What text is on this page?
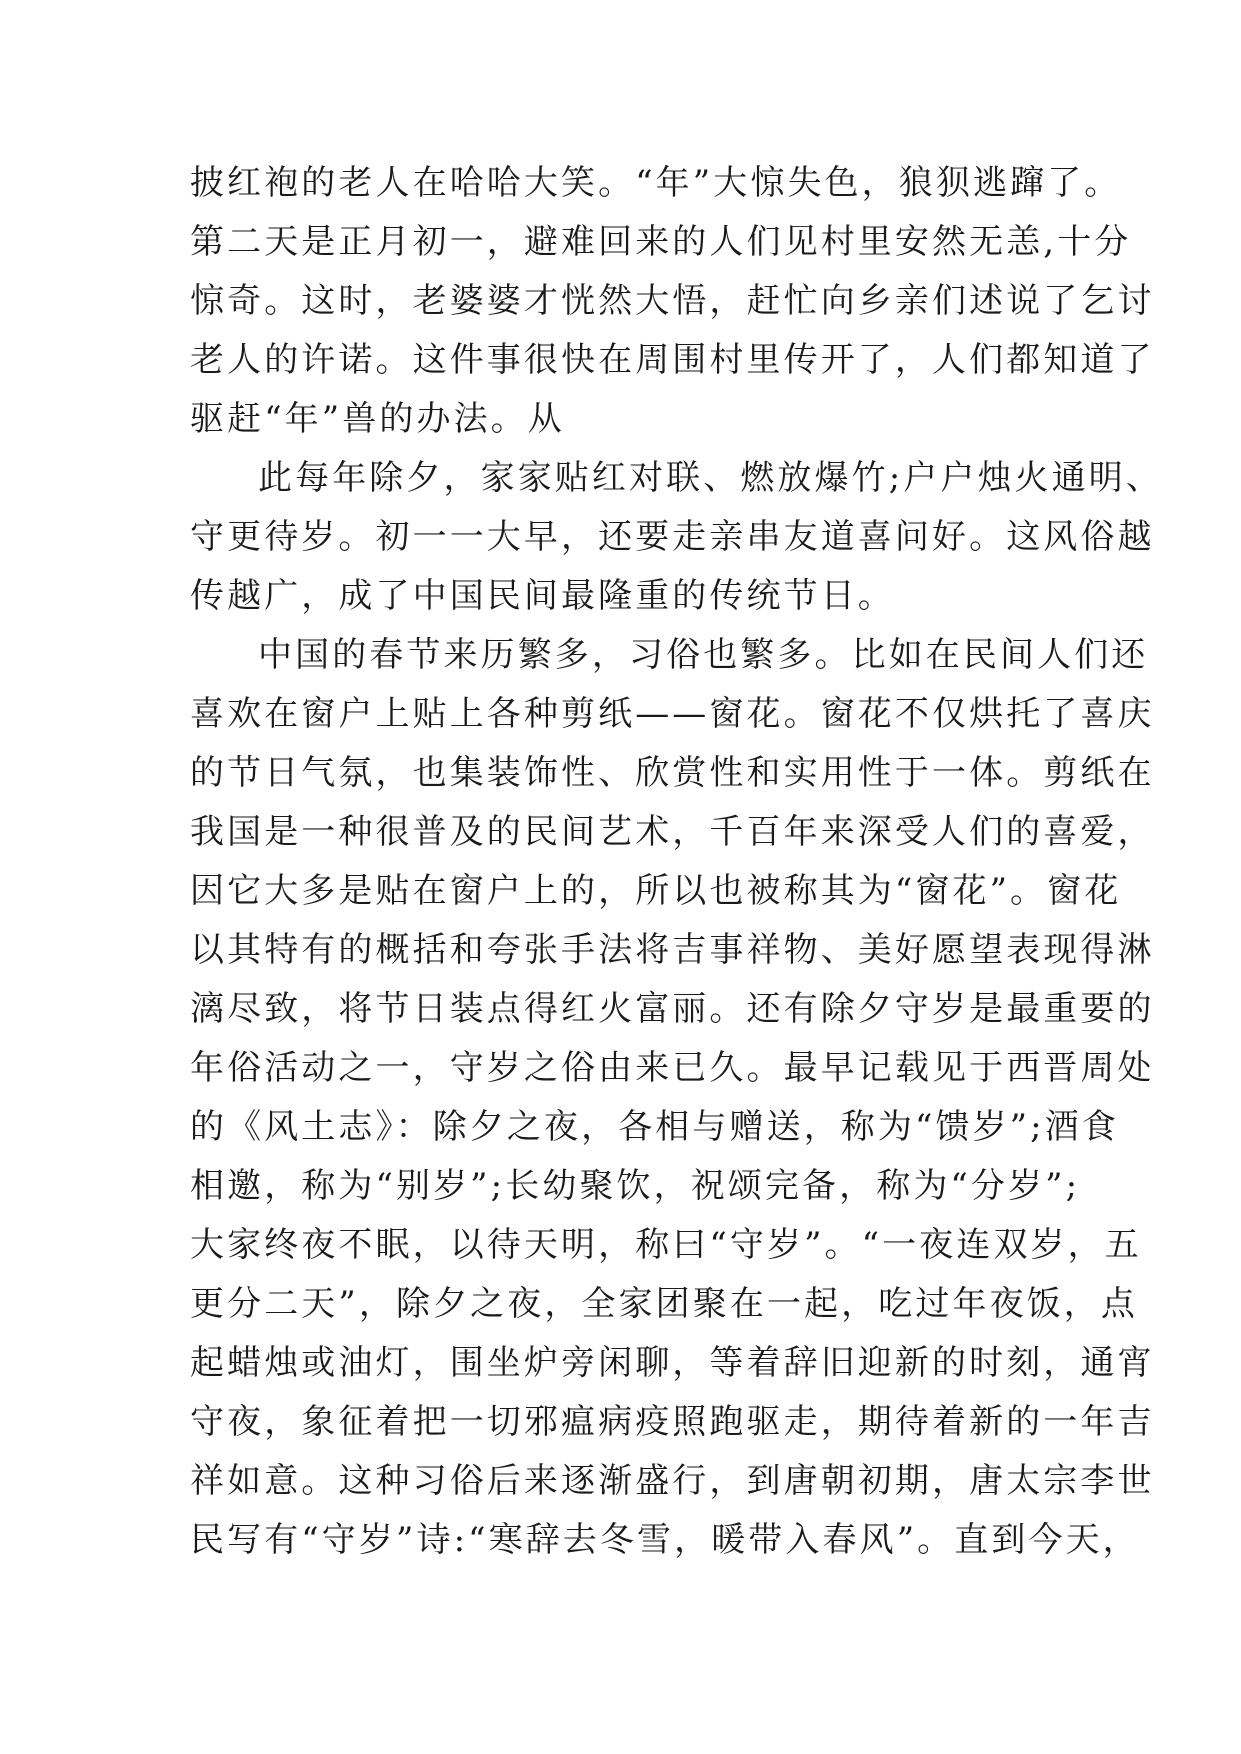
披红袍的老人在哈哈大笑。“年”大惊失色，狼狈逃蹿了。
第二天是正月初一，避难回来的人们见村里安然无恙,十分
惊奇。这时，老婆婆才恍然大悟，赶忙向乡亲们述说了乞讨
老人的许诺。这件事很快在周围村里传开了，人们都知道了
驱赶“年”兽的办法。从
此每年除夕，家家贴红对联、燃放爆竹;户户烛火通明、
守更待岁。初一一大早，还要走亲串友道喜问好。这风俗越
传越广，成了中国民间最隆重的传统节日。
中国的春节来历繁多，习俗也繁多。比如在民间人们还
喜欢在窗户上贴上各种剪纸——窗花。窗花不仅烘托了喜庆
的节日气氛，也集装饰性、欣赏性和实用性于一体。剪纸在
我国是一种很普及的民间艺术，千百年来深受人们的喜爱，
因它大多是贴在窗户上的，所以也被称其为“窗花”。窗花
以其特有的概括和夸张手法将吉事祥物、美好愿望表现得淋
漓尽致，将节日装点得红火富丽。还有除夕守岁是最重要的
年俗活动之一，守岁之俗由来已久。最早记载见于西晋周处
的《风土志》：除夕之夜，各相与赠送，称为“馈岁”;酒食
相邀，称为“别岁”;长幼聚饮，祝颂完备，称为“分岁”;
大家终夜不眠，以待天明，称曰“守岁”。“一夜连双岁，五
更分二天”，除夕之夜，全家团聚在一起，吃过年夜饭，点
起蜡烛或油灯，围坐炉旁闲聊，等着辞旧迎新的时刻，通宵
守夜，象征着把一切邪瘟病疫照跑驱走，期待着新的一年吉
祥如意。这种习俗后来逐渐盛行，到唐朝初期，唐太宗李世
民写有“守岁”诗:“寒辞去冬雪，暖带入春风”。直到今天，
